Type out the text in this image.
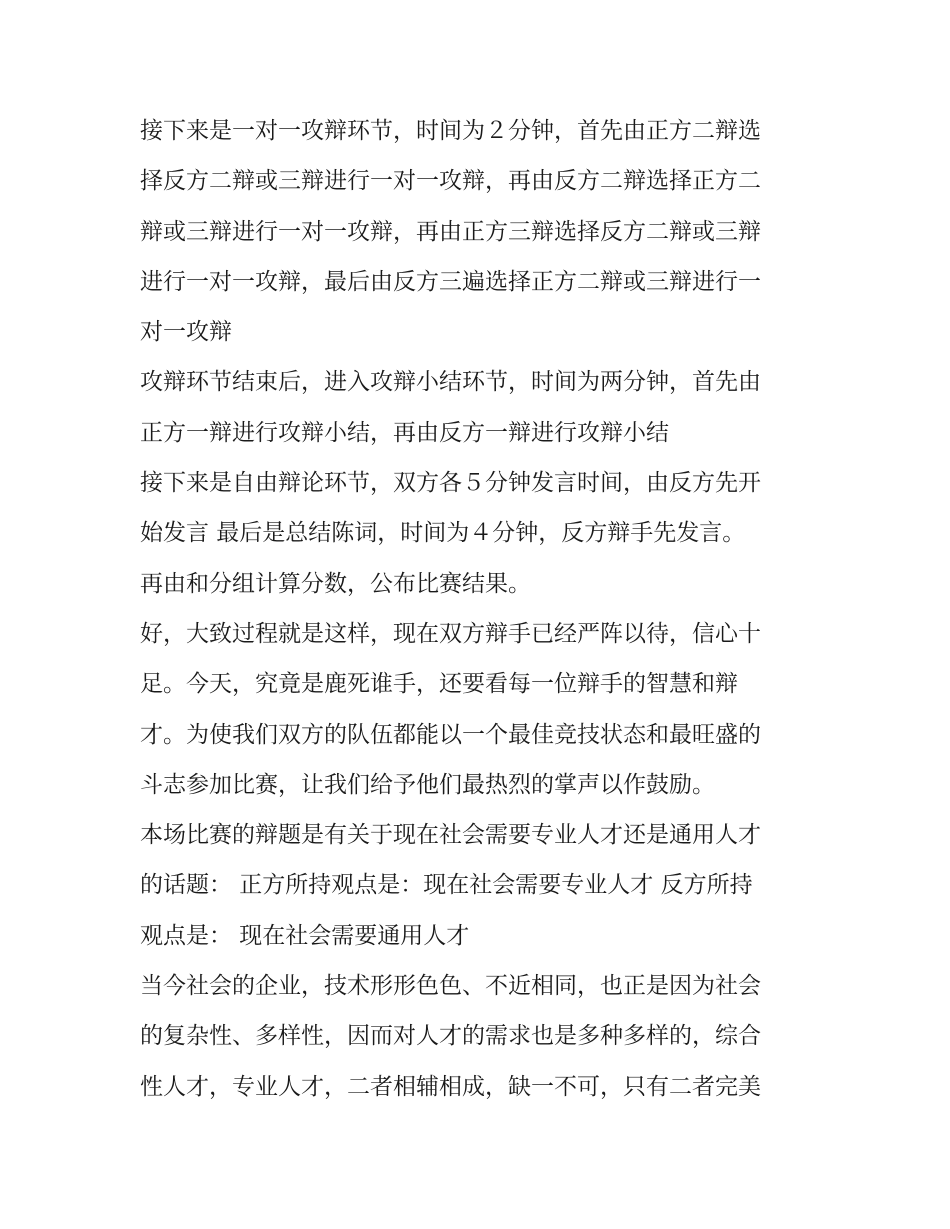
接下来是一对一攻辩环节，时间为２分钟，首先由正方二辩选
择反方二辩或三辩进行一对一攻辩，再由反方二辩选择正方二
辩或三辩进行一对一攻辩，再由正方三辩选择反方二辩或三辩
进行一对一攻辩，最后由反方三遍选择正方二辩或三辩进行一
对一攻辩

攻辩环节结束后，进入攻辩小结环节，时间为两分钟，首先由
正方一辩进行攻辩小结，再由反方一辩进行攻辩小结

接下来是自由辩论环节，双方各５分钟发言时间，由反方先开
始发言 最后是总结陈词，时间为４分钟，反方辩手先发言。

再由和分组计算分数，公布比赛结果。

好，大致过程就是这样，现在双方辩手已经严阵以待，信心十
足。今天，究竟是鹿死谁手，还要看每一位辩手的智慧和辩
才。为使我们双方的队伍都能以一个最佳竞技状态和最旺盛的
斗志参加比赛，让我们给予他们最热烈的掌声以作鼓励。

本场比赛的辩题是有关于现在社会需要专业人才还是通用人才
的话题： 正方所持观点是：现在社会需要专业人才 反方所持
观点是： 现在社会需要通用人才

当今社会的企业，技术形形色色、不近相同，也正是因为社会
的复杂性、多样性，因而对人才的需求也是多种多样的，综合
性人才，专业人才，二者相辅相成，缺一不可，只有二者完美
